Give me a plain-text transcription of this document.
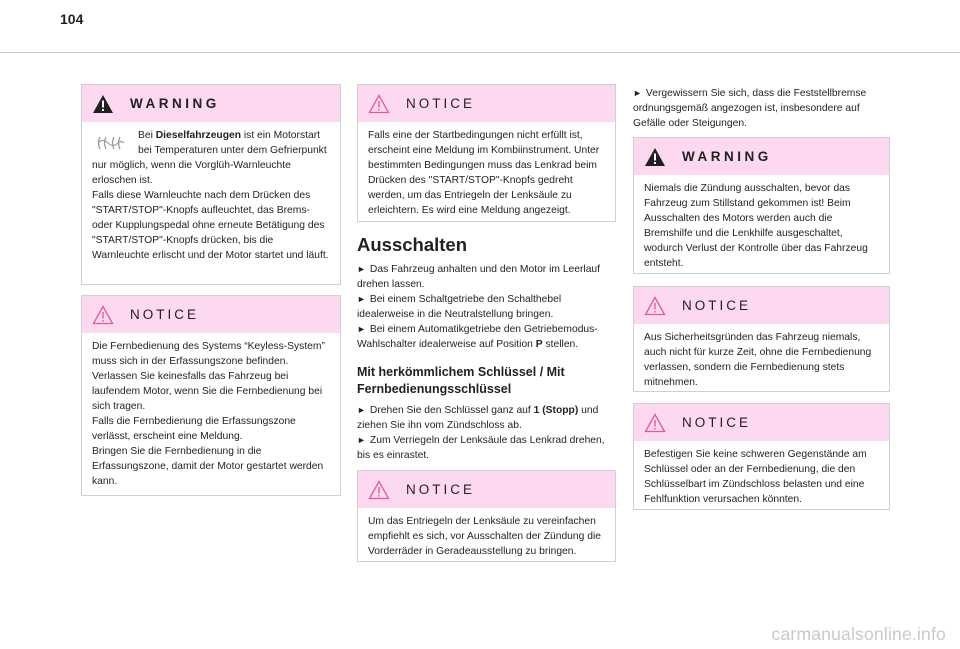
104
WARNING

Bei Dieselfahrzeugen ist ein Motorstart bei Temperaturen unter dem Gefrierpunkt nur möglich, wenn die Vorglüh-Warnleuchte erloschen ist.

Falls diese Warnleuchte nach dem Drücken des "START/STOP"-Knopfs aufleuchtet, das Brems- oder Kupplungspedal ohne erneute Betätigung des "START/STOP"-Knopfs drücken, bis die Warnleuchte erlischt und der Motor startet und läuft.

NOTICE

Die Fernbedienung des Systems “Keyless-System” muss sich in der Erfassungszone befinden. Verlassen Sie keinesfalls das Fahrzeug bei laufendem Motor, wenn Sie die Fernbedienung bei sich tragen.

Falls die Fernbedienung die Erfassungszone verlässt, erscheint eine Meldung.

Bringen Sie die Fernbedienung in die Erfassungszone, damit der Motor gestartet werden kann.

NOTICE

Falls eine der Startbedingungen nicht erfüllt ist, erscheint eine Meldung im Kombiinstrument. Unter bestimmten Bedingungen muss das Lenkrad beim Drücken des "START/STOP"-Knopfs gedreht werden, um das Entriegeln der Lenksäule zu erleichtern. Es wird eine Meldung angezeigt.

Ausschalten

► Das Fahrzeug anhalten und den Motor im Leerlauf drehen lassen.

► Bei einem Schaltgetriebe den Schalthebel idealerweise in die Neutralstellung bringen.

► Bei einem Automatikgetriebe den Getriebemodus-Wahlschalter idealerweise auf Position P stellen.

Mit herkömmlichem Schlüssel / Mit Fernbedienungsschlüssel

► Drehen Sie den Schlüssel ganz auf 1 (Stopp) und ziehen Sie ihn vom Zündschloss ab.

► Zum Verriegeln der Lenksäule das Lenkrad drehen, bis es einrastet.

NOTICE

Um das Entriegeln der Lenksäule zu vereinfachen empfiehlt es sich, vor Ausschalten der Zündung die Vorderräder in Geradeausstellung zu bringen.

► Vergewissern Sie sich, dass die Feststellbremse ordnungsgemäß angezogen ist, insbesondere auf Gefälle oder Steigungen.

WARNING

Niemals die Zündung ausschalten, bevor das Fahrzeug zum Stillstand gekommen ist! Beim Ausschalten des Motors werden auch die Bremshilfe und die Lenkhilfe ausgeschaltet, wodurch Verlust der Kontrolle über das Fahrzeug entsteht.

NOTICE

Aus Sicherheitsgründen das Fahrzeug niemals, auch nicht für kurze Zeit, ohne die Fernbedienung verlassen, sondern die Fernbedienung stets mitnehmen.

NOTICE

Befestigen Sie keine schweren Gegenstände am Schlüssel oder an der Fernbedienung, die den Schlüsselbart im Zündschloss belasten und eine Fehlfunktion verursachen könnten.

carmanualsonline.info
